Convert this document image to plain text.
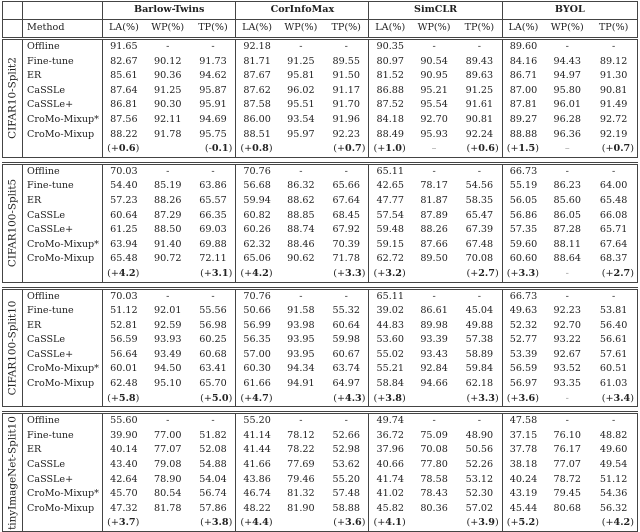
		Barlow-Twins			CorInfoMax			SimCLR			BYOL		
	Method	LA(%)	WP(%)	TP(%)	LA(%)	WP(%)	TP(%)	LA(%)	WP(%)	TP(%)	LA(%)	WP(%)	TP(%)

CIFAR10-Split2	Offline	91.65	-	-	92.18	-	-	90.35	-	-	89.60	-	-
	Fine-tune	82.67	90.12	91.73	81.71	91.25	89.55	80.97	90.54	89.43	84.16	94.43	89.12
	ER	85.61	90.36	94.62	87.67	95.81	91.50	81.52	90.95	89.63	86.71	94.97	91.30
	CaSSLe	87.64	91.25	95.87	87.62	96.02	91.17	86.88	95.21	91.25	87.00	95.80	90.81
	CaSSLe+	86.81	90.30	95.91	87.58	95.51	91.70	87.52	95.54	91.61	87.81	96.01	91.49
	CroMo-Mixup*	87.56	92.11	94.69	86.00	93.54	91.96	84.18	92.70	90.81	89.27	96.28	92.72
	CroMo-Mixup	88.22	91.78	95.75	88.51	95.97	92.23	88.49	95.93	92.24	88.88	96.36	92.19
		(+0.6)		(-0.1)	(+0.8)		(+0.7)	(+1.0)	–	(+0.6)	(+1.5)	–	(+0.7)

CIFAR100-Split5	Offline	70.03	-	-	70.76	-	-	65.11	-	-	66.73	-	-
	Fine-tune	54.40	85.19	63.86	56.68	86.32	65.66	42.65	78.17	54.56	55.19	86.23	64.00
	ER	57.23	88.26	65.57	59.94	88.62	67.64	47.77	81.87	58.35	56.05	85.60	65.48
	CaSSLe	60.64	87.29	66.35	60.82	88.85	68.45	57.54	87.89	65.47	56.86	86.05	66.08
	CaSSLe+	61.25	88.50	69.03	60.26	88.74	67.92	59.48	88.26	67.39	57.35	87.28	65.71
	CroMo-Mixup*	63.94	91.40	69.88	62.32	88.46	70.39	59.15	87.66	67.48	59.60	88.11	67.64
	CroMo-Mixup	65.48	90.72	72.11	65.06	90.62	71.78	62.72	89.50	70.08	60.60	88.64	68.37
		(+4.2)		(+3.1)	(+4.2)		(+3.3)	(+3.2)		(+2.7)	(+3.3)	-	(+2.7)

CIFAR100-Split10	Offline	70.03	-	-	70.76	-	-	65.11	-	-	66.73	-	-
	Fine-tune	51.12	92.01	55.56	50.66	91.58	55.32	39.02	86.61	45.04	49.63	92.23	53.81
	ER	52.81	92.59	56.98	56.99	93.98	60.64	44.83	89.98	49.88	52.32	92.70	56.40
	CaSSLe	56.59	93.93	60.25	56.35	93.95	59.98	53.60	93.39	57.38	52.77	93.22	56.61
	CaSSLe+	56.64	93.49	60.68	57.00	93.95	60.67	55.02	93.43	58.89	53.39	92.67	57.61
	CroMo-Mixup*	60.01	94.50	63.41	60.30	94.34	63.74	55.21	92.84	59.84	56.59	93.52	60.51
	CroMo-Mixup	62.48	95.10	65.70	61.66	94.91	64.97	58.84	94.66	62.18	56.97	93.35	61.03
		(+5.8)		(+5.0)	(+4.7)		(+4.3)	(+3.8)		(+3.3)	(+3.6)	-	(+3.4)

tinyImageNet-Split10	Offline	55.60	-	-	55.20	-	-	49.74	-	-	47.58	-	-
	Fine-tune	39.90	77.00	51.82	41.14	78.12	52.66	36.72	75.09	48.90	37.15	76.10	48.82
	ER	40.14	77.07	52.08	41.44	78.22	52.98	37.96	70.08	50.56	37.78	76.17	49.60
	CaSSLe	43.40	79.08	54.88	41.66	77.69	53.62	40.66	77.80	52.26	38.18	77.07	49.54
	CaSSLe+	42.64	78.90	54.04	43.86	79.46	55.20	41.74	78.58	53.12	40.24	78.72	51.12
	CroMo-Mixup*	45.70	80.54	56.74	46.74	81.32	57.48	41.02	78.43	52.30	43.19	79.45	54.36
	CroMo-Mixup	47.32	81.78	57.86	48.22	81.90	58.88	45.82	80.36	57.02	45.44	80.68	56.32
		(+3.7)		(+3.8)	(+4.4)		(+3.6)	(+4.1)		(+3.9)	(+5.2)		(+4.2)
